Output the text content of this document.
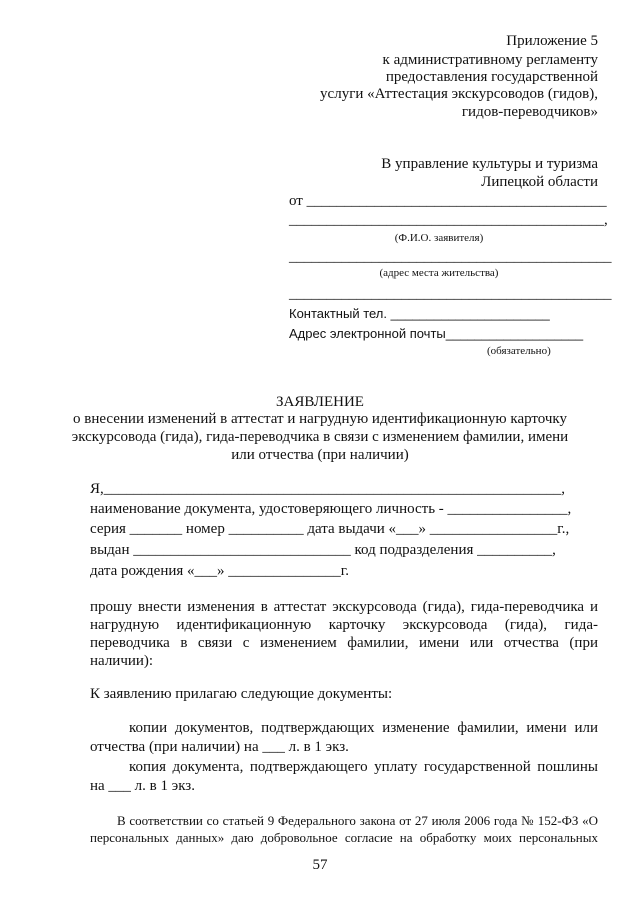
Приложение 5
к административному регламенту
предоставления государственной
услуги «Аттестация экскурсоводов (гидов),
гидов-переводчиков»
В управление культуры и туризма
Липецкой области
от ________________________________________
__________________________________________,
(Ф.И.О. заявителя)
___________________________________________
(адрес места жительства)
___________________________________________
Контактный тел. ______________________
Адрес электронной почты___________________
(обязательно)
ЗАЯВЛЕНИЕ
о внесении изменений в аттестат и нагрудную идентификационную карточку
экскурсовода (гида), гида-переводчика в связи с изменением фамилии, имени
или отчества (при наличии)
Я,_____________________________________________________________,
наименование документа, удостоверяющего личность - ________________,
серия _______ номер __________ дата выдачи «___» _________________г.,
выдан _____________________________ код подразделения __________,
дата рождения «___» _______________г.
прошу внести изменения в аттестат экскурсовода (гида), гида-переводчика и
нагрудную идентификационную карточку экскурсовода (гида), гида-
переводчика в связи с изменением фамилии, имени или отчества (при
наличии):
К заявлению прилагаю следующие документы:
копии документов, подтверждающих изменение фамилии, имени или
отчества (при наличии) на ___ л. в 1 экз.
копия документа, подтверждающего уплату государственной пошлины
на ___ л. в 1 экз.
В соответствии со статьей 9 Федерального закона от 27 июля 2006 года № 152-ФЗ «О
персональных данных» даю добровольное согласие на обработку моих персональных
57
